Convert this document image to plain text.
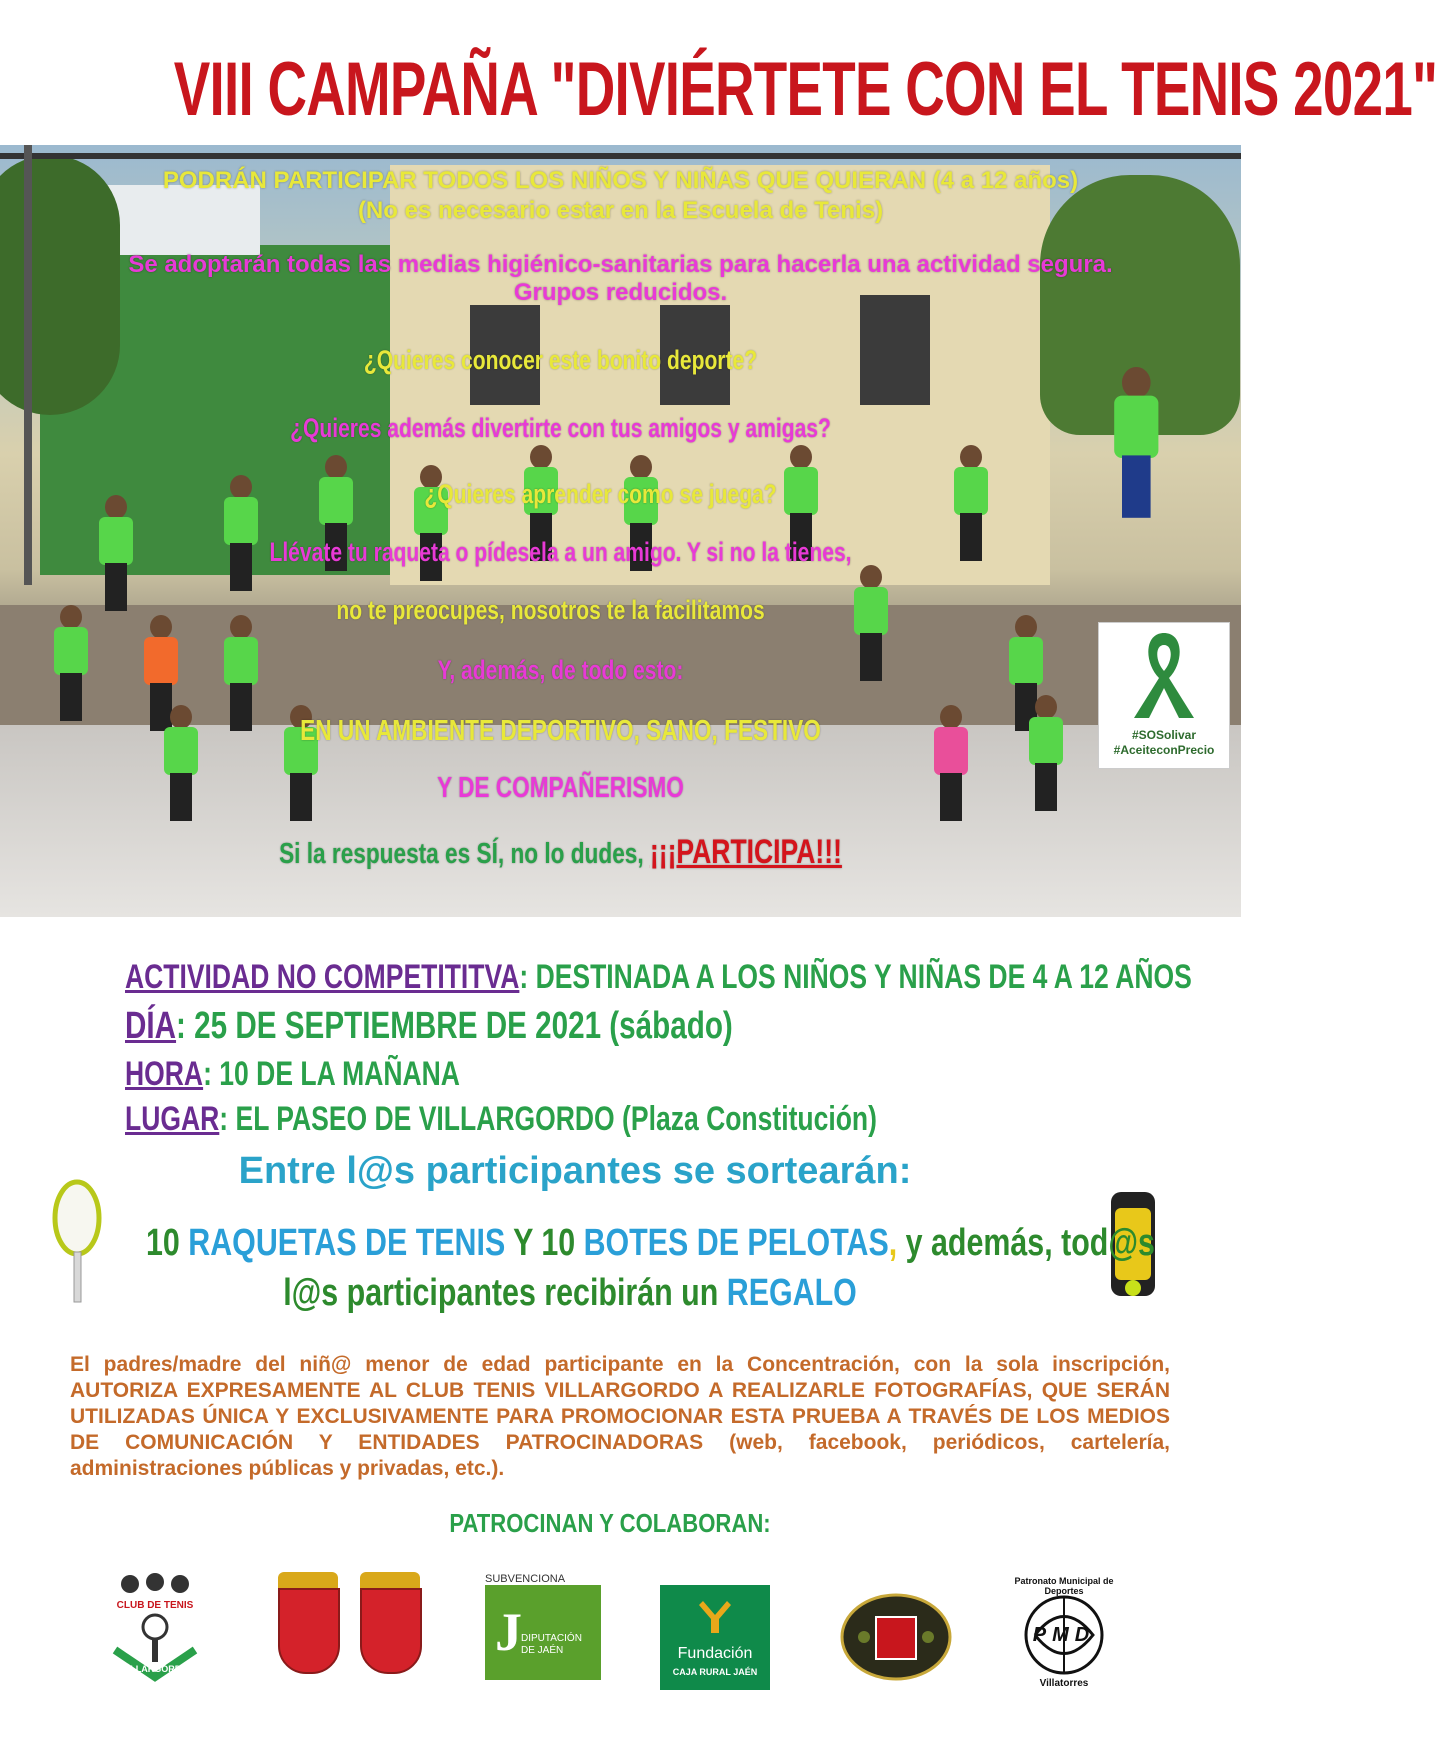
VIII CAMPAÑA "DIVIÉRTETE CON EL TENIS 2021"
PODRÁN PARTICIPAR TODOS LOS NIÑOS Y NIÑAS QUE QUIERAN (4 a 12 años)
(No es necesario estar en la Escuela de Tenis)
Se adoptarán todas las medias higiénico-sanitarias para hacerla una actividad segura.
Grupos reducidos.
¿Quieres conocer este bonito deporte?
¿Quieres además divertirte con tus amigos y amigas?
¿Quieres aprender como se juega?
Llévate tu raqueta o pídesela a un amigo. Y si no la tienes,
no te preocupes, nosotros te la facilitamos
Y, además, de todo esto:
EN UN AMBIENTE DEPORTIVO, SANO, FESTIVO
Y DE COMPAÑERISMO
Si la respuesta es SÍ, no lo dudes, ¡¡¡PARTICIPA!!!
#SOSolivar
#AceiteconPrecio
ACTIVIDAD NO COMPETITITVA: DESTINADA A LOS NIÑOS Y NIÑAS DE 4 A 12 AÑOS
DÍA: 25 DE SEPTIEMBRE DE 2021 (sábado)
HORA: 10 DE LA MAÑANA
LUGAR: EL PASEO DE VILLARGORDO (Plaza Constitución)
Entre l@s participantes se sortearán:
10 RAQUETAS DE TENIS Y 10 BOTES DE PELOTAS, y además, tod@s
l@s participantes recibirán un REGALO
El padres/madre del niñ@ menor de edad participante en la Concentración, con la sola inscripción, AUTORIZA EXPRESAMENTE AL CLUB TENIS VILLARGORDO A REALIZARLE FOTOGRAFÍAS, QUE SERÁN UTILIZADAS ÚNICA Y EXCLUSIVAMENTE PARA PROMOCIONAR ESTA PRUEBA A TRAVÉS DE LOS MEDIOS DE COMUNICACIÓN Y ENTIDADES PATROCINADORAS (web, facebook, periódicos, cartelería, administraciones públicas y privadas, etc.).
PATROCINAN Y COLABORAN:
CLUB DE TENIS
VILLARGORDO
SUBVENCIONA
J DIPUTACIÓN DE JAÉN	Fundación
CAJA RURAL JAÉN
PMD
Patronato Municipal de Deportes
Villatorres
